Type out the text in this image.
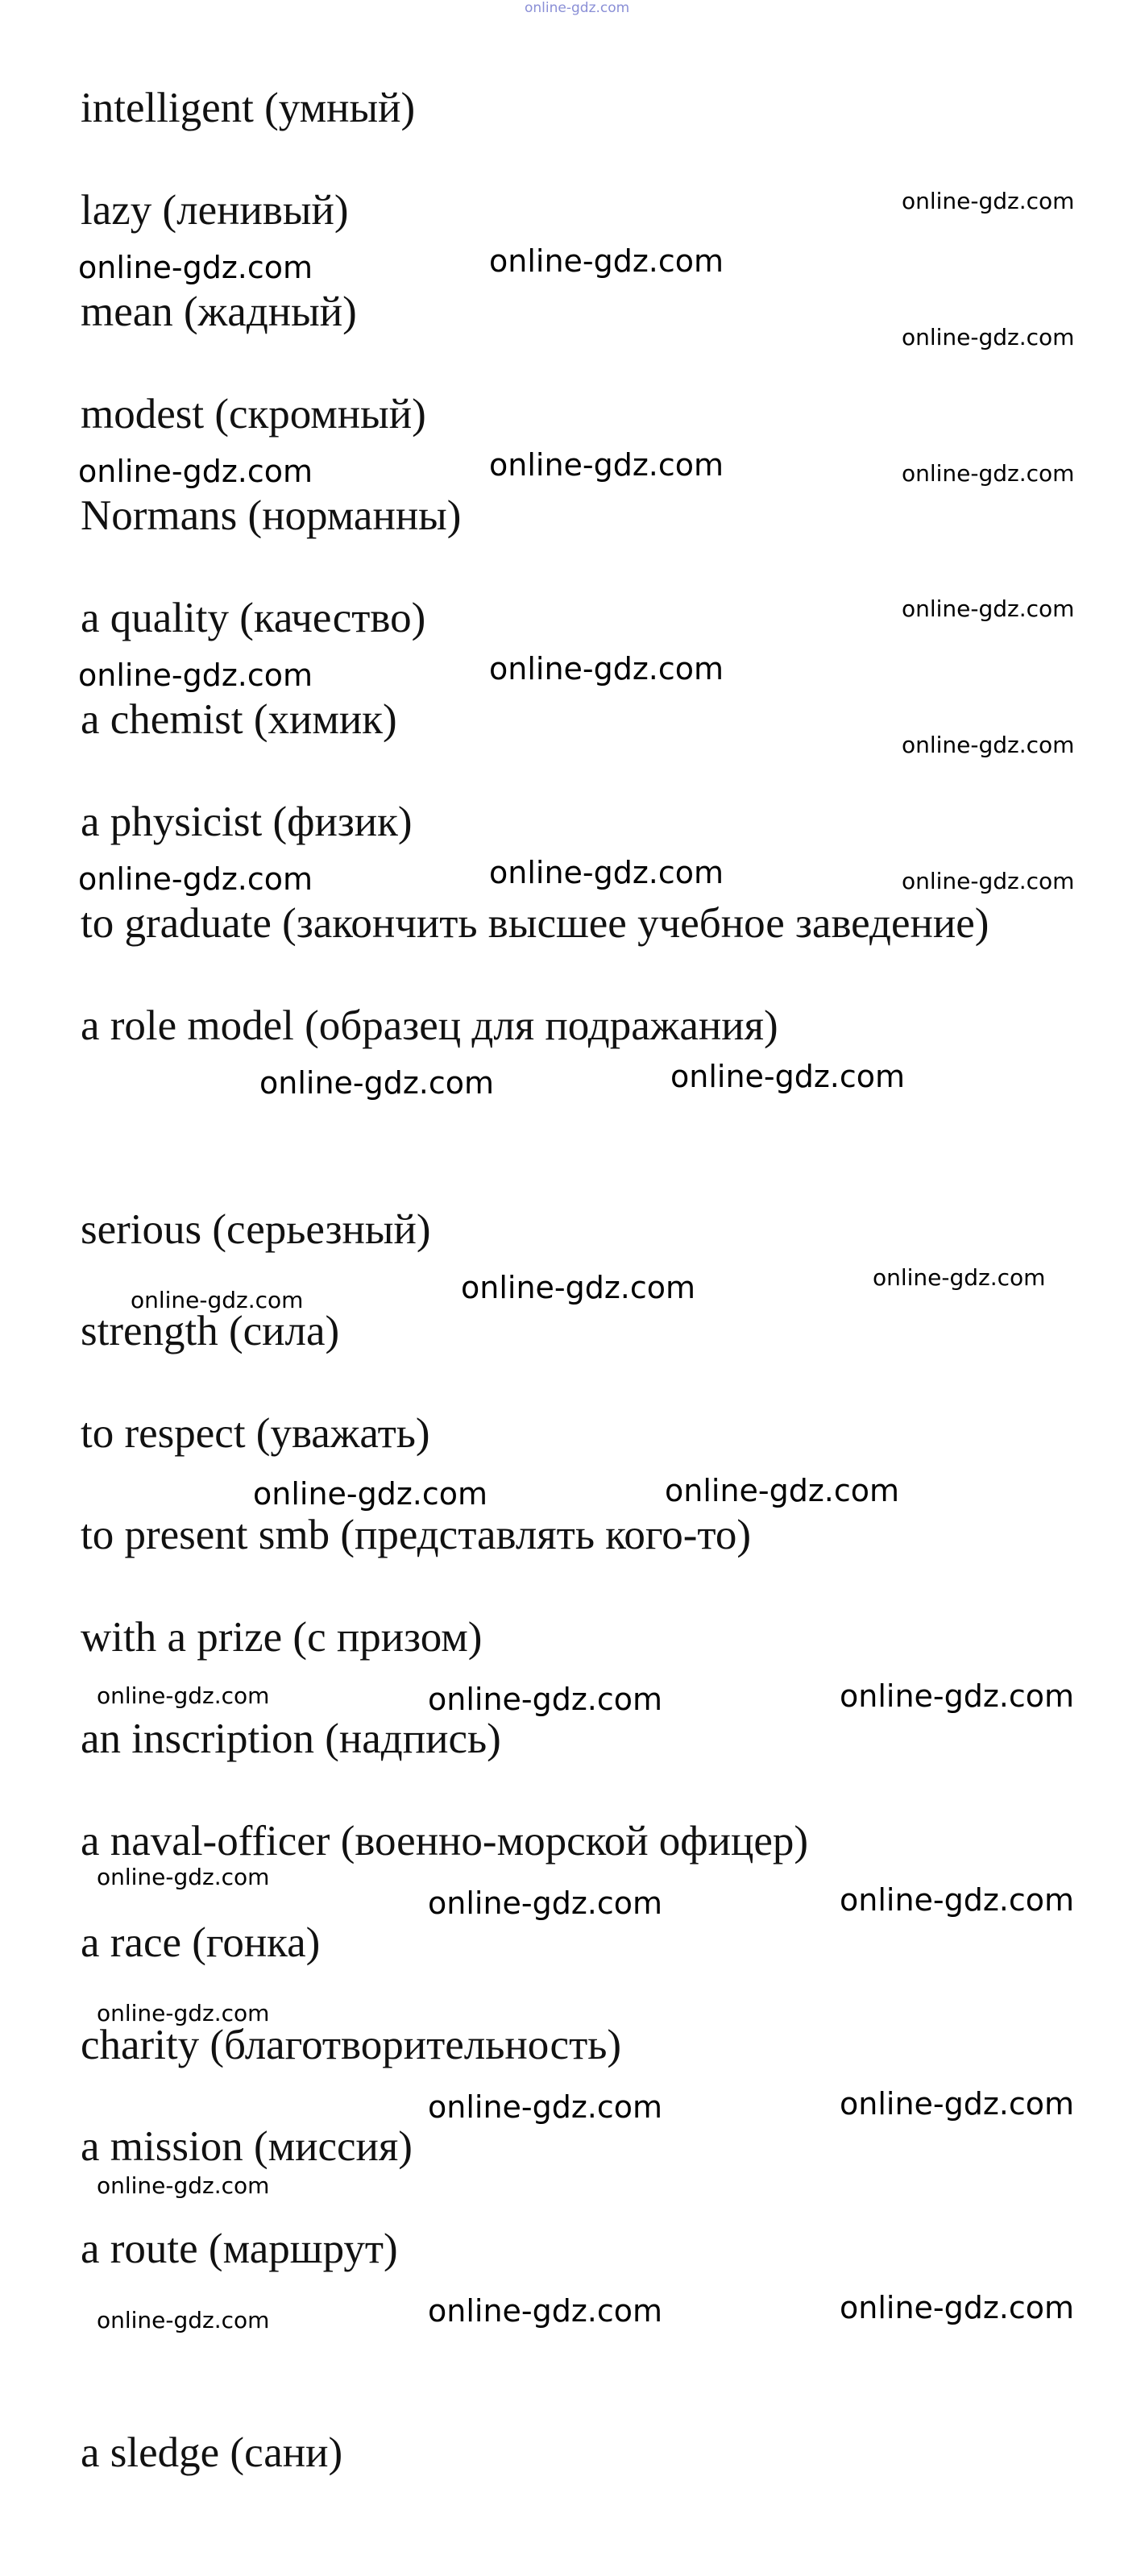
online-gdz.com

intelligent (умный)

lazy (ленивый)

mean (жадный)

modest (скромный)

Normans (норманны)

a quality (качество)

a chemist (химик)

a physicist (физик)

to graduate (закончить высшее учебное заведение)

a role model (образец для подражания)

serious (серьезный)

strength (сила)

to respect (уважать)

to present smb (представлять кого-то)

with a prize (с призом)

an inscription (надпись)

a naval-officer (военно-морской офицер)

a race (гонка)

charity (благотворительность)

a mission (миссия)

a route (маршрут)

a sledge (сани)

online-gdz.com
online-gdz.com	online-gdz.com
online-gdz.com
online-gdz.com	online-gdz.com	online-gdz.com
online-gdz.com
online-gdz.com	online-gdz.com
online-gdz.com
online-gdz.com	online-gdz.com	online-gdz.com
online-gdz.com	online-gdz.com
online-gdz.com	online-gdz.com	online-gdz.com
online-gdz.com	online-gdz.com
online-gdz.com	online-gdz.com	online-gdz.com
online-gdz.com
online-gdz.com	online-gdz.com
online-gdz.com
online-gdz.com	online-gdz.com
online-gdz.com
online-gdz.com	online-gdz.com
online-gdz.com
